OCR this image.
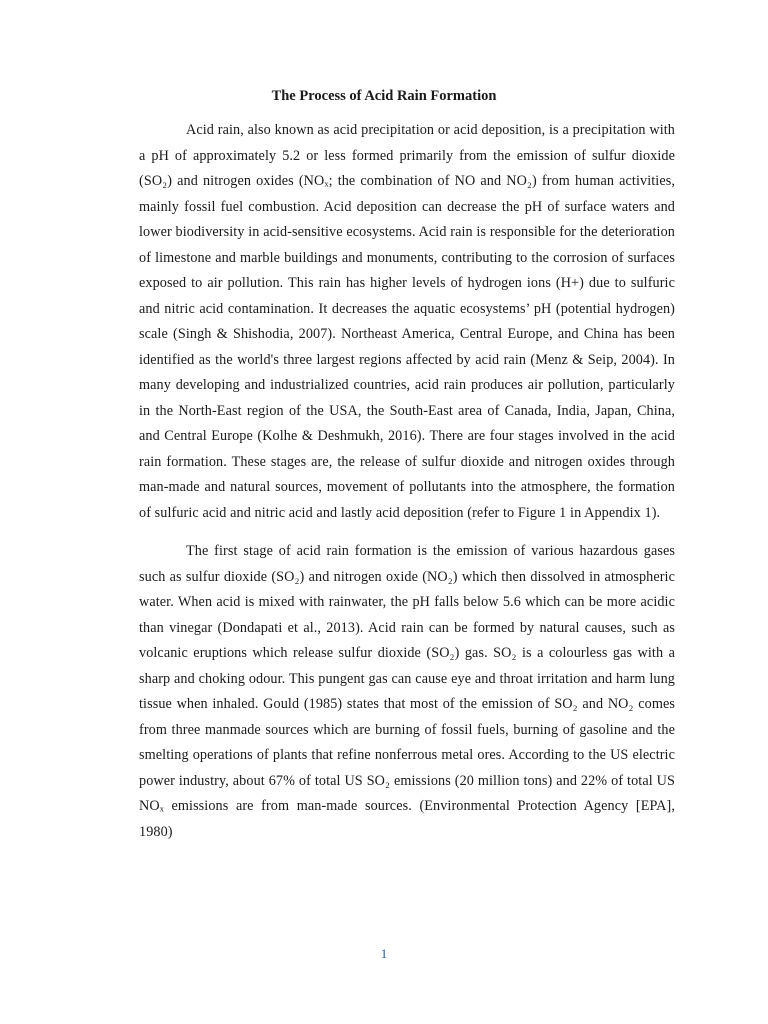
The Process of Acid Rain Formation

Acid rain, also known as acid precipitation or acid deposition, is a precipitation with a pH of approximately 5.2 or less formed primarily from the emission of sulfur dioxide (SO₂) and nitrogen oxides (NOₓ; the combination of NO and NO₂) from human activities, mainly fossil fuel combustion. Acid deposition can decrease the pH of surface waters and lower biodiversity in acid-sensitive ecosystems. Acid rain is responsible for the deterioration of limestone and marble buildings and monuments, contributing to the corrosion of surfaces exposed to air pollution. This rain has higher levels of hydrogen ions (H+) due to sulfuric and nitric acid contamination. It decreases the aquatic ecosystems’ pH (potential hydrogen) scale (Singh & Shishodia, 2007). Northeast America, Central Europe, and China has been identified as the world's three largest regions affected by acid rain (Menz & Seip, 2004). In many developing and industrialized countries, acid rain produces air pollution, particularly in the North-East region of the USA, the South-East area of Canada, India, Japan, China, and Central Europe (Kolhe & Deshmukh, 2016). There are four stages involved in the acid rain formation. These stages are, the release of sulfur dioxide and nitrogen oxides through man-made and natural sources, movement of pollutants into the atmosphere, the formation of sulfuric acid and nitric acid and lastly acid deposition (refer to Figure 1 in Appendix 1).

The first stage of acid rain formation is the emission of various hazardous gases such as sulfur dioxide (SO₂) and nitrogen oxide (NO₂) which then dissolved in atmospheric water. When acid is mixed with rainwater, the pH falls below 5.6 which can be more acidic than vinegar (Dondapati et al., 2013). Acid rain can be formed by natural causes, such as volcanic eruptions which release sulfur dioxide (SO₂) gas. SO₂ is a colourless gas with a sharp and choking odour. This pungent gas can cause eye and throat irritation and harm lung tissue when inhaled. Gould (1985) states that most of the emission of SO₂ and NO₂ comes from three manmade sources which are burning of fossil fuels, burning of gasoline and the smelting operations of plants that refine nonferrous metal ores. According to the US electric power industry, about 67% of total US SO₂ emissions (20 million tons) and 22% of total US NOₓ emissions are from man-made sources. (Environmental Protection Agency [EPA], 1980)

1
